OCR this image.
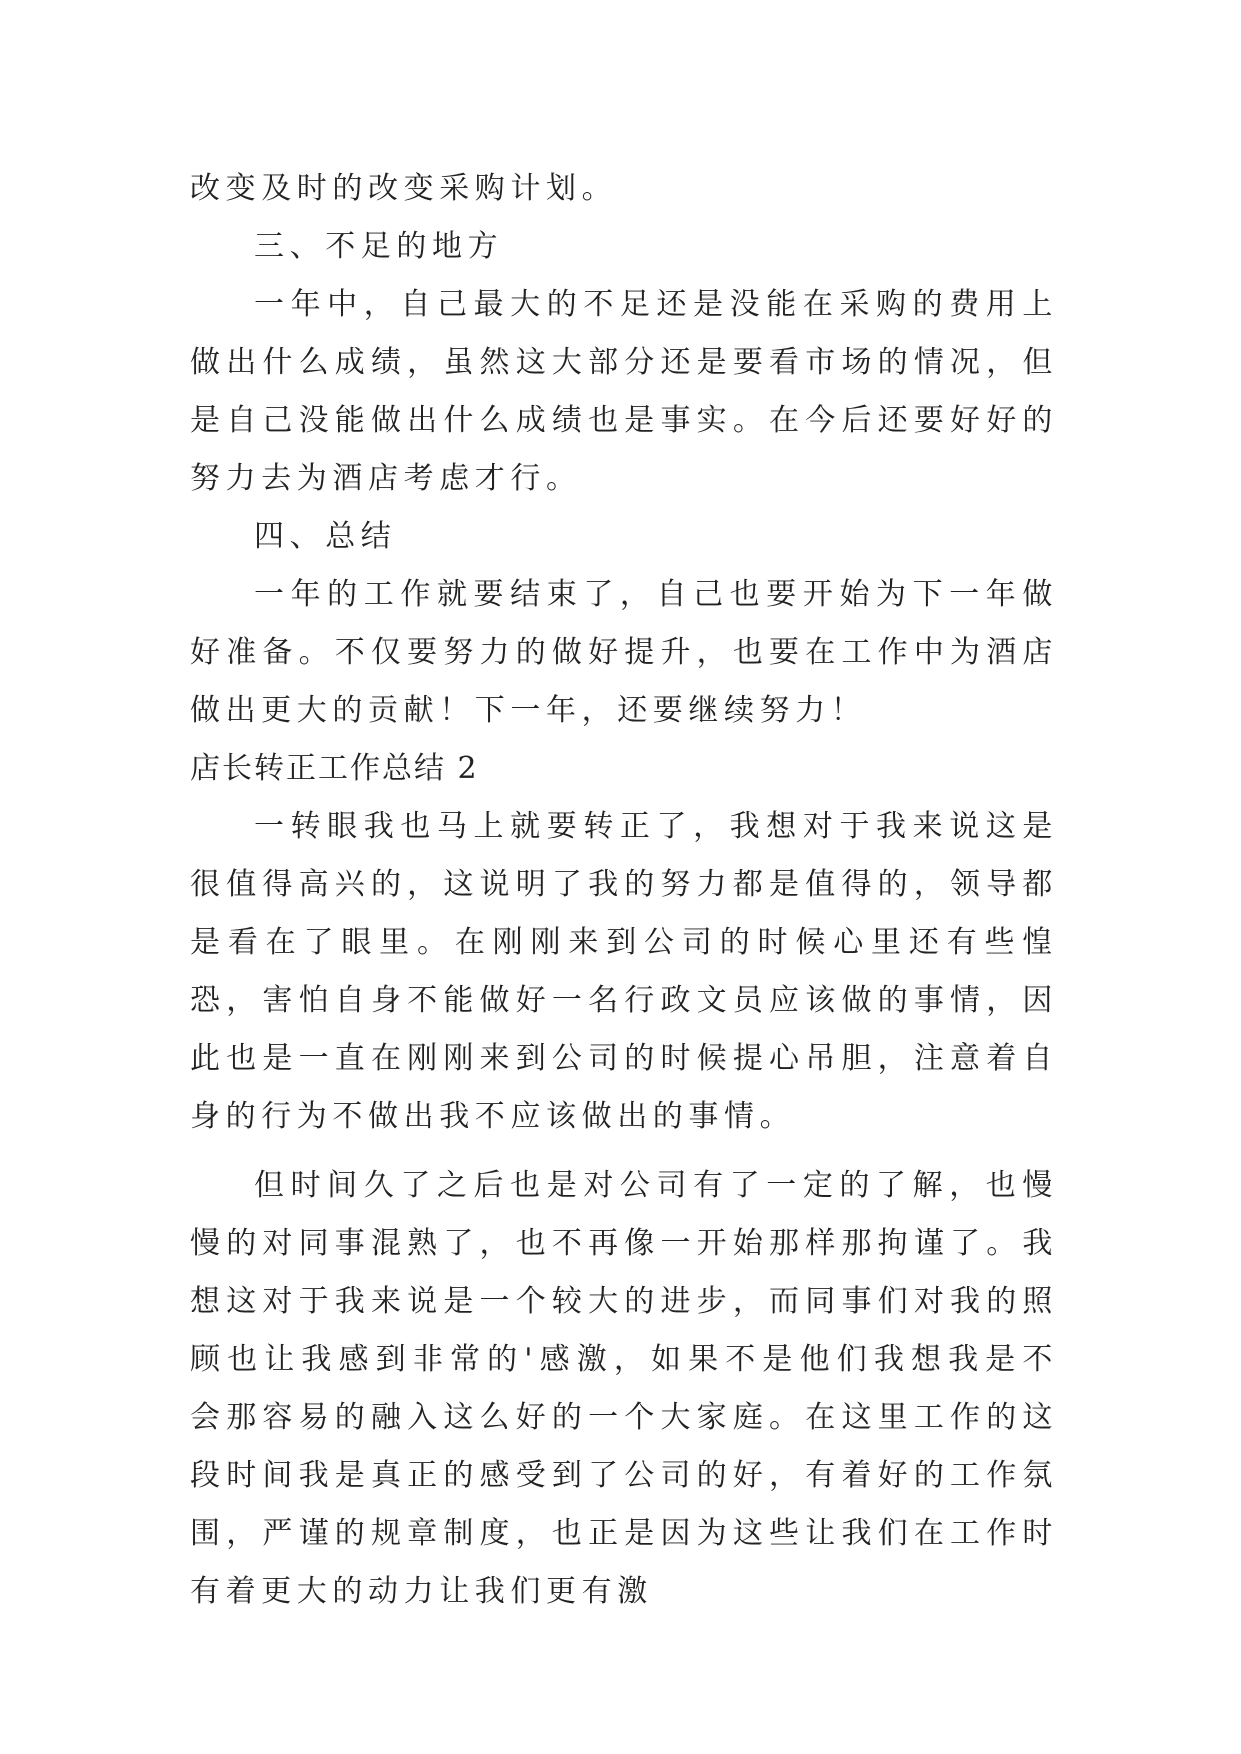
改变及时的改变采购计划。

三、不足的地方

一年中，自己最大的不足还是没能在采购的费用上做出什么成绩，虽然这大部分还是要看市场的情况，但是自己没能做出什么成绩也是事实。在今后还要好好的努力去为酒店考虑才行。

四、总结

一年的工作就要结束了，自己也要开始为下一年做好准备。不仅要努力的做好提升，也要在工作中为酒店做出更大的贡献！下一年，还要继续努力！

店长转正工作总结 2

一转眼我也马上就要转正了，我想对于我来说这是很值得高兴的，这说明了我的努力都是值得的，领导都是看在了眼里。在刚刚来到公司的时候心里还有些惶恐，害怕自身不能做好一名行政文员应该做的事情，因此也是一直在刚刚来到公司的时候提心吊胆，注意着自身的行为不做出我不应该做出的事情。

但时间久了之后也是对公司有了一定的了解，也慢慢的对同事混熟了，也不再像一开始那样那拘谨了。我想这对于我来说是一个较大的进步，而同事们对我的照顾也让我感到非常的'感激，如果不是他们我想我是不会那容易的融入这么好的一个大家庭。在这里工作的这段时间我是真正的感受到了公司的好，有着好的工作氛围，严谨的规章制度，也正是因为这些让我们在工作时有着更大的动力让我们更有激
